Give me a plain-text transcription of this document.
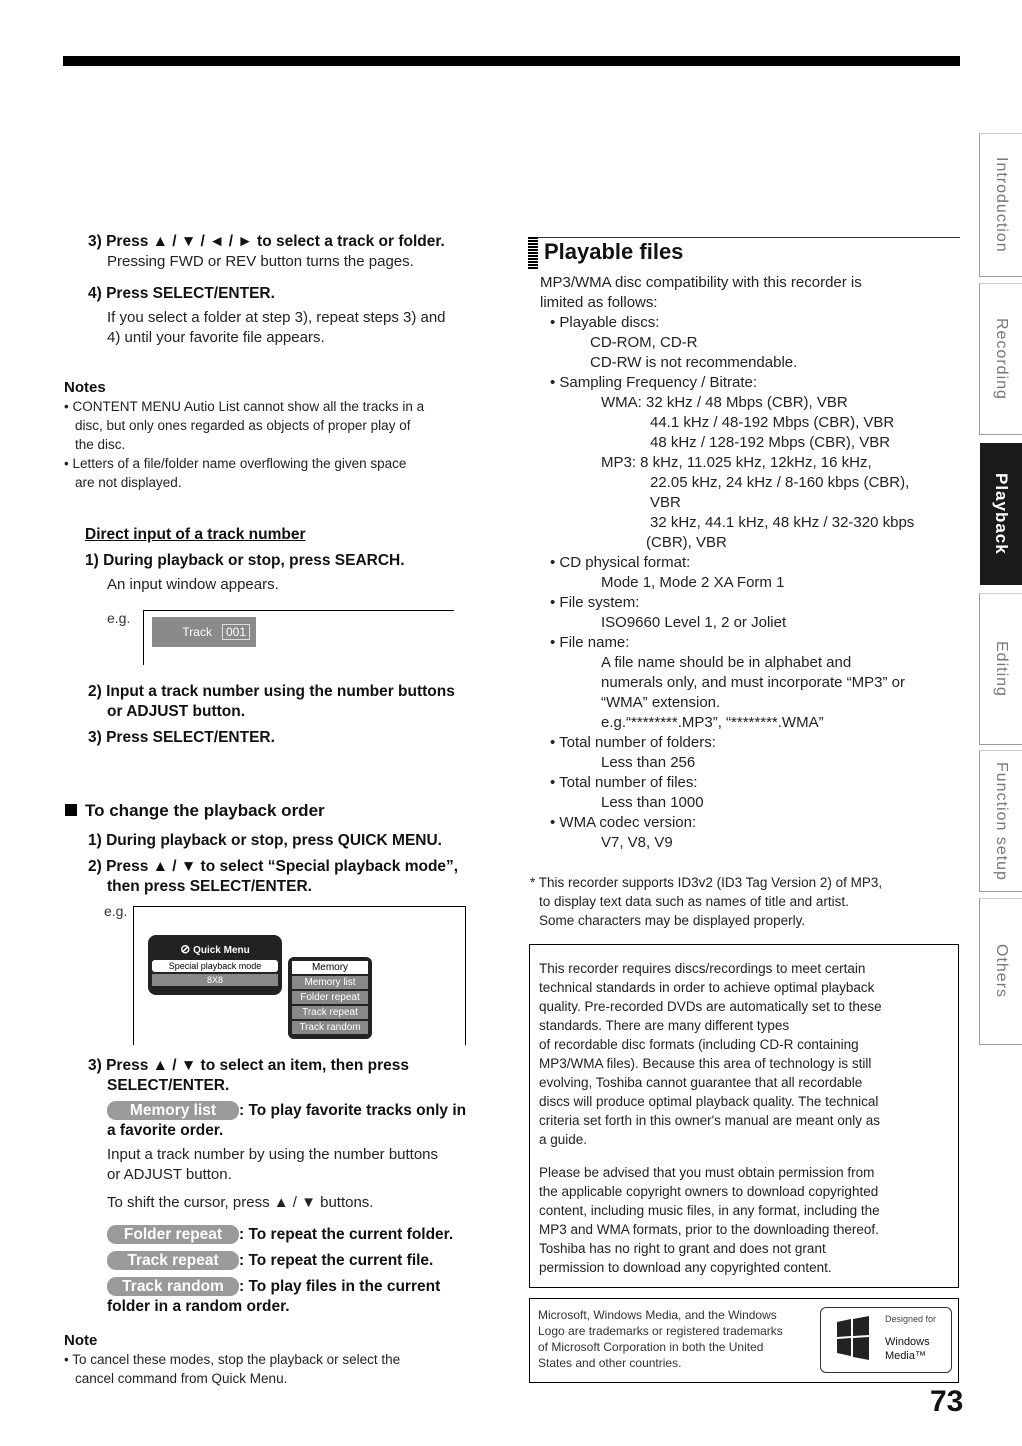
3) Press ▲ / ▼ / ◄ / ► to select a track or folder.
Pressing FWD or REV button turns the pages.
4) Press SELECT/ENTER.
If you select a folder at step 3), repeat steps 3) and
4) until your favorite file appears.
Notes
• CONTENT MENU Autio List cannot show all the tracks in a
disc, but only ones regarded as objects of proper play of
the disc.
• Letters of a file/folder name overflowing the given space
are not displayed.
Direct input of a track number
1) During playback or stop, press SEARCH.
An input window appears.
e.g.
Track	001
2) Input a track number using the number buttons
or ADJUST button.
3) Press SELECT/ENTER.
To change the playback order
1) During playback or stop, press QUICK MENU.
2) Press ▲ / ▼ to select “Special playback mode”,
then press SELECT/ENTER.
e.g.
⊘ Quick Menu
Special playback mode
8X8
Memory
Memory list
Folder repeat
Track repeat
Track random
3) Press ▲ / ▼ to select an item, then press
SELECT/ENTER.
Memory list : To play favorite tracks only in
a favorite order.
Input a track number by using the number buttons
or ADJUST button.
To shift the cursor, press ▲ / ▼ buttons.
Folder repeat : To repeat the current folder.
Track repeat : To repeat the current file.
Track random : To play files in the current
folder in a random order.
Note
• To cancel these modes, stop the playback or select the
cancel command from Quick Menu.
Playable files
MP3/WMA disc compatibility with this recorder is
limited as follows:
• Playable discs:
CD-ROM, CD-R
CD-RW is not recommendable.
• Sampling Frequency / Bitrate:
WMA: 32 kHz / 48 Mbps (CBR), VBR
44.1 kHz / 48-192 Mbps (CBR), VBR
48 kHz / 128-192 Mbps (CBR), VBR
MP3: 8 kHz, 11.025 kHz, 12kHz, 16 kHz,
22.05 kHz, 24 kHz / 8-160 kbps (CBR),
VBR
32 kHz, 44.1 kHz, 48 kHz / 32-320 kbps
(CBR), VBR
• CD physical format:
Mode 1, Mode 2 XA Form 1
• File system:
ISO9660 Level 1, 2 or Joliet
• File name:
A file name should be in alphabet and
numerals only, and must incorporate “MP3” or
“WMA” extension.
e.g.“********.MP3”, “********.WMA”
• Total number of folders:
Less than 256
• Total number of files:
Less than 1000
• WMA codec version:
V7, V8, V9
* This recorder supports ID3v2 (ID3 Tag Version 2) of MP3,
to display text data such as names of title and artist.
Some characters may be displayed properly.
This recorder requires discs/recordings to meet certain
technical standards in order to achieve optimal playback
quality. Pre-recorded DVDs are automatically set to these
standards. There are many different types
of recordable disc formats (including CD-R containing
MP3/WMA files). Because this area of technology is still
evolving, Toshiba cannot guarantee that all recordable
discs will produce optimal playback quality. The technical
criteria set forth in this owner's manual are meant only as
a guide.
Please be advised that you must obtain permission from
the applicable copyright owners to download copyrighted
content, including music files, in any format, including the
MP3 and WMA formats, prior to the downloading thereof.
Toshiba has no right to grant and does not grant
permission to download any copyrighted content.
Microsoft, Windows Media, and the Windows
Logo are trademarks or registered trademarks
of Microsoft Corporation in both the United
States and other countries.
Designed for
Windows
Media™
Introduction
Recording
Playback
Editing
Function setup
Others
73
